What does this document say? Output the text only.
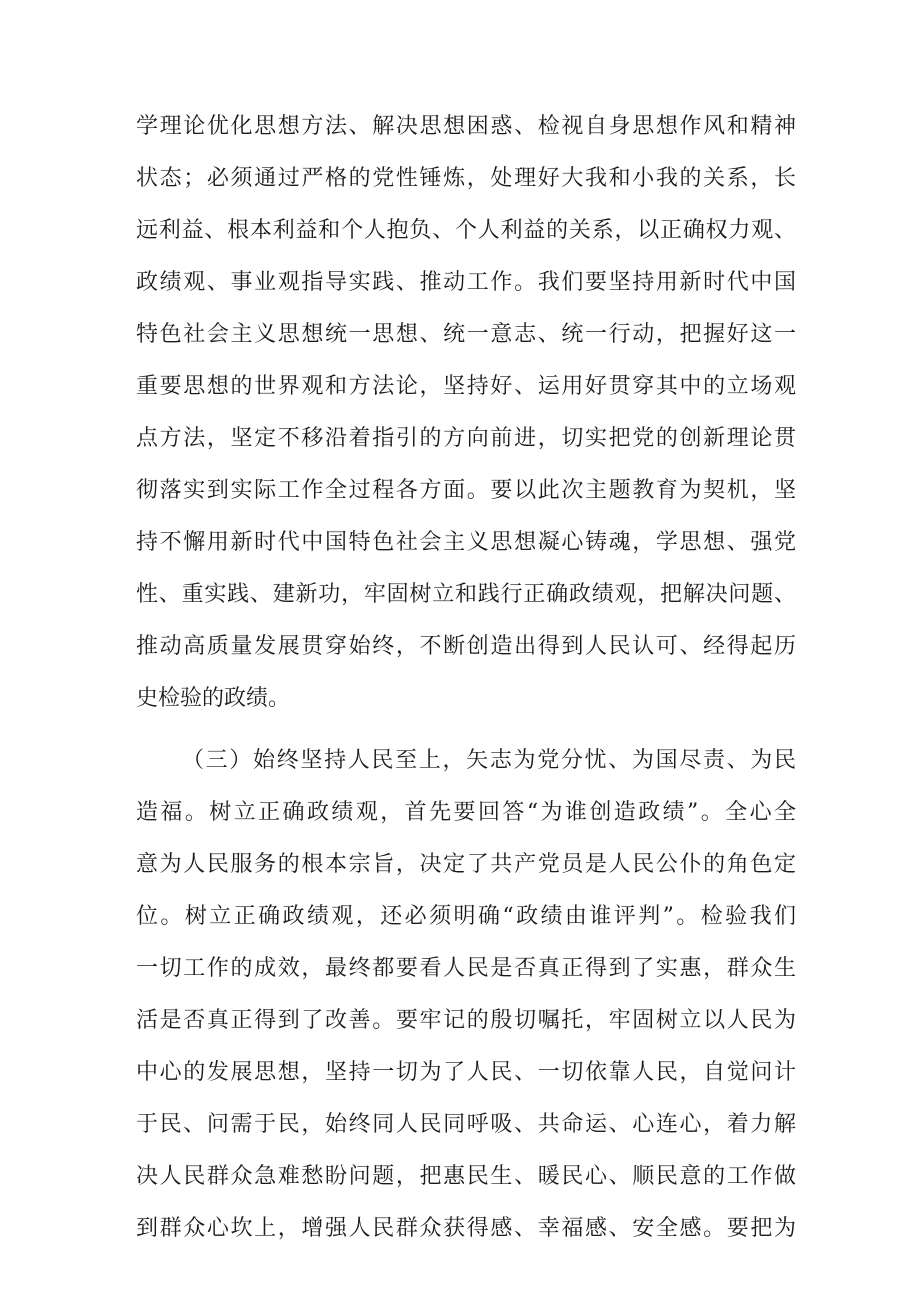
学理论优化思想方法、解决思想困惑、检视自身思想作风和精神
状态；必须通过严格的党性锤炼，处理好大我和小我的关系，长
远利益、根本利益和个人抱负、个人利益的关系，以正确权力观、
政绩观、事业观指导实践、推动工作。我们要坚持用新时代中国
特色社会主义思想统一思想、统一意志、统一行动，把握好这一
重要思想的世界观和方法论，坚持好、运用好贯穿其中的立场观
点方法，坚定不移沿着指引的方向前进，切实把党的创新理论贯
彻落实到实际工作全过程各方面。要以此次主题教育为契机，坚
持不懈用新时代中国特色社会主义思想凝心铸魂，学思想、强党
性、重实践、建新功，牢固树立和践行正确政绩观，把解决问题、
推动高质量发展贯穿始终，不断创造出得到人民认可、经得起历
史检验的政绩。
（三）始终坚持人民至上，矢志为党分忧、为国尽责、为民
造福。树立正确政绩观，首先要回答“为谁创造政绩”。全心全
意为人民服务的根本宗旨，决定了共产党员是人民公仆的角色定
位。树立正确政绩观，还必须明确“政绩由谁评判”。检验我们
一切工作的成效，最终都要看人民是否真正得到了实惠，群众生
活是否真正得到了改善。要牢记的殷切嘱托，牢固树立以人民为
中心的发展思想，坚持一切为了人民、一切依靠人民，自觉问计
于民、问需于民，始终同人民同呼吸、共命运、心连心，着力解
决人民群众急难愁盼问题，把惠民生、暖民心、顺民意的工作做
到群众心坎上，增强人民群众获得感、幸福感、安全感。要把为
